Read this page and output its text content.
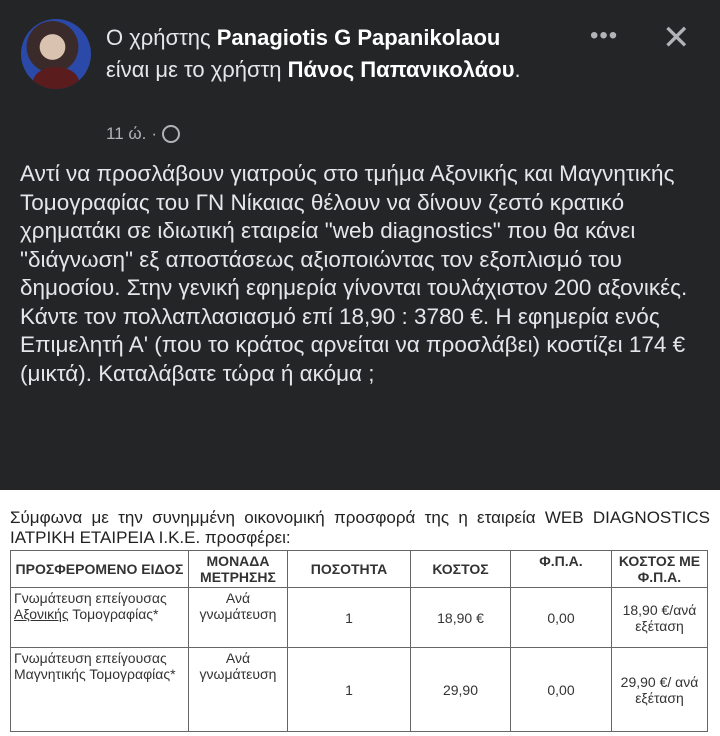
Ο χρήστης Panagiotis G Papanikolaou
είναι με το χρήστη Πάνος Παπανικολάου.
11 ώ. ·
••• ✕
Αντί να προσλάβουν γιατρούς στο τμήμα Αξονικής και Μαγνητικής Τομογραφίας του ΓΝ Νίκαιας θέλουν να δίνουν ζεστό κρατικό χρηματάκι σε ιδιωτική εταιρεία "web diagnostics" που θα κάνει "διάγνωση" εξ αποστάσεως αξιοποιώντας τον εξοπλισμό του δημοσίου. Στην γενική εφημερία γίνονται τουλάχιστον 200 αξονικές. Κάντε τον πολλαπλασιασμό επί 18,90 : 3780 €. Η εφημερία ενός Επιμελητή Α' (που το κράτος αρνείται να προσλάβει) κοστίζει 174 € (μικτά). Καταλάβατε τώρα ή ακόμα ;
Σύμφωνα με την συνημμένη οικονομική προσφορά της η εταιρεία WEB DIAGNOSTICS ΙΑΤΡΙΚΗ ΕΤΑΙΡΕΙΑ Ι.Κ.Ε. προσφέρει:
ΠΡΟΣΦΕΡΟΜΕΝΟ ΕΙΔΟΣ	ΜΟΝΑΔΑ ΜΕΤΡΗΣΗΣ	ΠΟΣΟΤΗΤΑ	ΚΟΣΤΟΣ	Φ.Π.Α.	ΚΟΣΤΟΣ ΜΕ Φ.Π.Α.
Γνωμάτευση επείγουσας Αξονικής Τομογραφίας*	Ανά γνωμάτευση	1	18,90 €	0,00	18,90 €/ανά εξέταση
Γνωμάτευση επείγουσας Μαγνητικής Τομογραφίας*	Ανά γνωμάτευση	1	29,90	0,00	29,90 €/ ανά εξέταση
